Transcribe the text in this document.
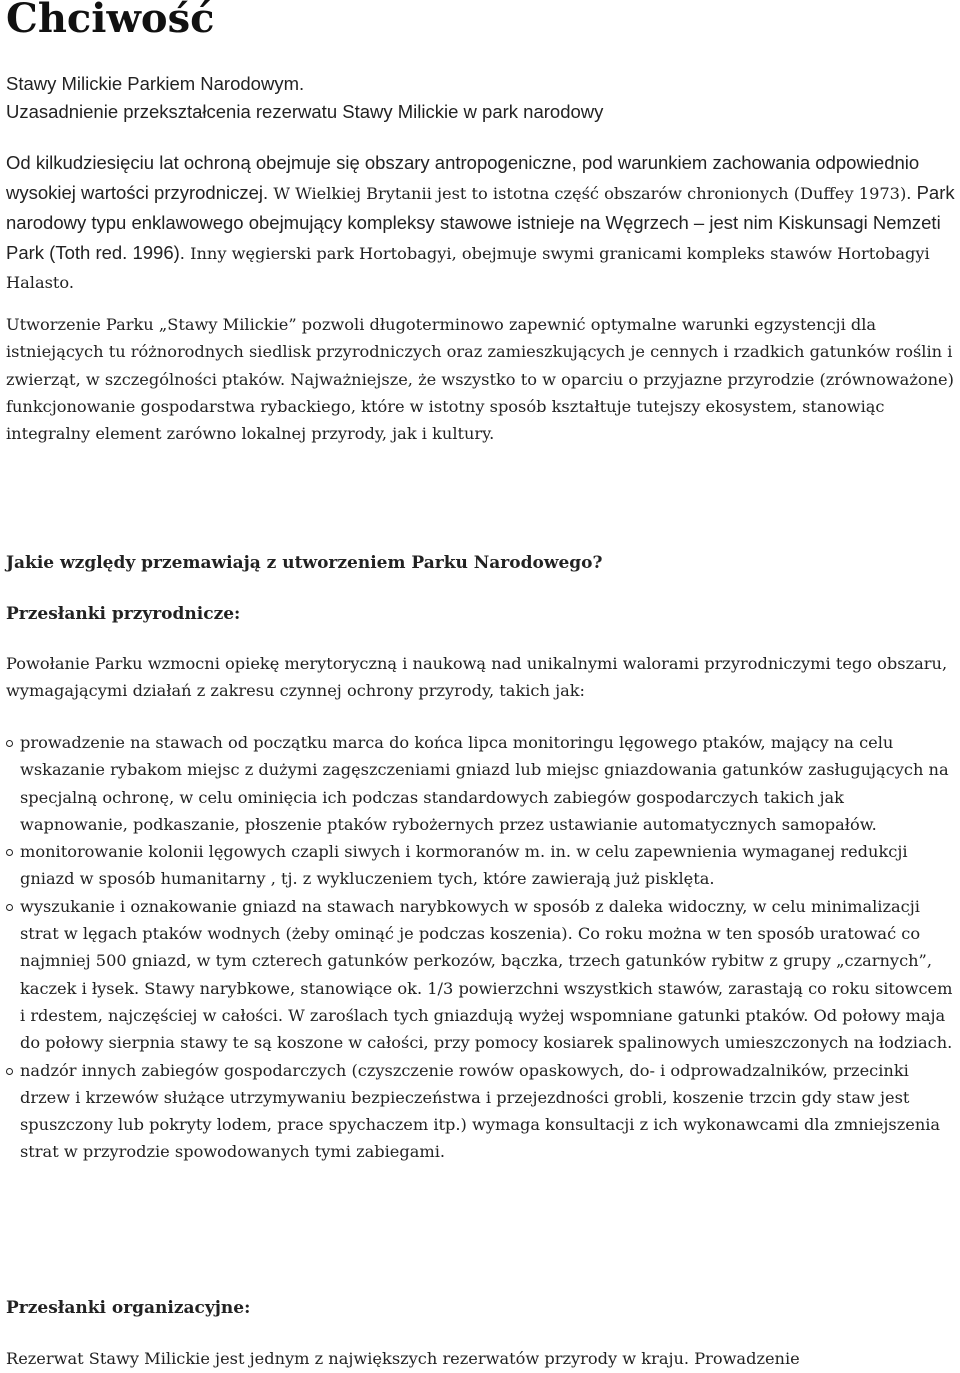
Chciwość
Stawy Milickie Parkiem Narodowym.
Uzasadnienie przekształcenia rezerwatu Stawy Milickie w park narodowy

Od kilkudziesięciu lat ochroną obejmuje się obszary antropogeniczne, pod warunkiem zachowania odpowiednio wysokiej wartości przyrodniczej. W Wielkiej Brytanii jest to istotna część obszarów chronionych (Duffey 1973). Park narodowy typu enklawowego obejmujący kompleksy stawowe istnieje na Węgrzech – jest nim Kiskunsagi Nemzeti Park (Toth red. 1996). Inny węgierski park Hortobagyi, obejmuje swymi granicami kompleks stawów Hortobagyi Halasto.

Utworzenie Parku „Stawy Milickie” pozwoli długoterminowo zapewnić optymalne warunki egzystencji dla istniejących tu różnorodnych siedlisk przyrodniczych oraz zamieszkujących je cennych i rzadkich gatunków roślin i zwierząt, w szczególności ptaków. Najważniejsze, że wszystko to w oparciu o przyjazne przyrodzie (zrównoważone) funkcjonowanie gospodarstwa rybackiego, które w istotny sposób kształtuje tutejszy ekosystem, stanowiąc integralny element zarówno lokalnej przyrody, jak i kultury.

Jakie względy przemawiają z utworzeniem Parku Narodowego?
Przesłanki przyrodnicze:

Powołanie Parku wzmocni opiekę merytoryczną i naukową nad unikalnymi walorami przyrodniczymi tego obszaru, wymagającymi działań z zakresu czynnej ochrony przyrody, takich jak:

prowadzenie na stawach od początku marca do końca lipca monitoringu lęgowego ptaków, mający na celu wskazanie rybakom miejsc z dużymi zagęszczeniami gniazd lub miejsc gniazdowania gatunków zasługujących na specjalną ochronę, w celu ominięcia ich podczas standardowych zabiegów gospodarczych takich jak wapnowanie, podkaszanie, płoszenie ptaków rybożernych przez ustawianie automatycznych samopałów.
monitorowanie kolonii lęgowych czapli siwych i kormoranów m. in. w celu zapewnienia wymaganej redukcji gniazd w sposób humanitarny , tj. z wykluczeniem tych, które zawierają już pisklęta.
wyszukanie i oznakowanie gniazd na stawach narybkowych w sposób z daleka widoczny, w celu minimalizacji strat w lęgach ptaków wodnych (żeby ominąć je podczas koszenia). Co roku można w ten sposób uratować co najmniej 500 gniazd, w tym czterech gatunków perkozów, bączka, trzech gatunków rybitw z grupy „czarnych”, kaczek i łysek. Stawy narybkowe, stanowiące ok. 1/3 powierzchni wszystkich stawów, zarastają co roku sitowcem i rdestem, najczęściej w całości. W zaroślach tych gniazdują wyżej wspomniane gatunki ptaków. Od połowy maja do połowy sierpnia stawy te są koszone w całości, przy pomocy kosiarek spalinowych umieszczonych na łodziach.
nadzór innych zabiegów gospodarczych (czyszczenie rowów opaskowych, do- i odprowadzalników, przecinki drzew i krzewów służące utrzymywaniu bezpieczeństwa i przejezdności grobli, koszenie trzcin gdy staw jest spuszczony lub pokryty lodem, prace spychaczem itp.) wymaga konsultacji z ich wykonawcami dla zmniejszenia strat w przyrodzie spowodowanych tymi zabiegami.
Przesłanki organizacyjne:

Rezerwat Stawy Milickie jest jednym z największych rezerwatów przyrody w kraju. Prowadzenie
